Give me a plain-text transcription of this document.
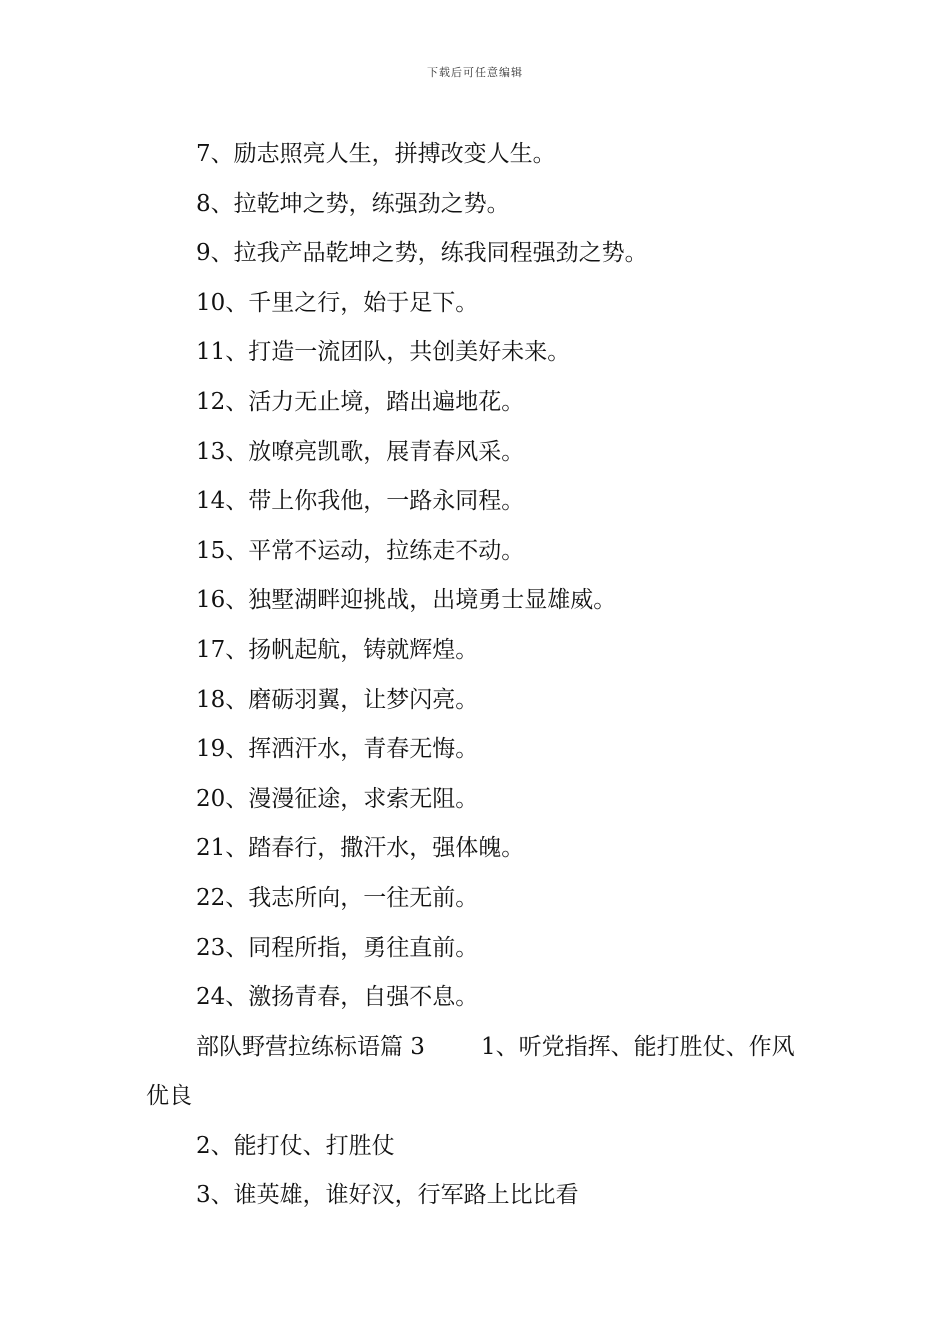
下载后可任意编辑
7、励志照亮人生，拼搏改变人生。
8、拉乾坤之势，练强劲之势。
9、拉我产品乾坤之势，练我同程强劲之势。
10、千里之行，始于足下。
11、打造一流团队，共创美好未来。
12、活力无止境，踏出遍地花。
13、放嘹亮凯歌，展青春风采。
14、带上你我他，一路永同程。
15、平常不运动，拉练走不动。
16、独墅湖畔迎挑战，出境勇士显雄威。
17、扬帆起航，铸就辉煌。
18、磨砺羽翼，让梦闪亮。
19、挥洒汗水，青春无悔。
20、漫漫征途，求索无阻。
21、踏春行，撒汗水，强体魄。
22、我志所向，一往无前。
23、同程所指，勇往直前。
24、激扬青春，自强不息。
部队野营拉练标语篇 3 1、听党指挥、能打胜仗、作风优良
2、能打仗、打胜仗
3、谁英雄，谁好汉，行军路上比比看
